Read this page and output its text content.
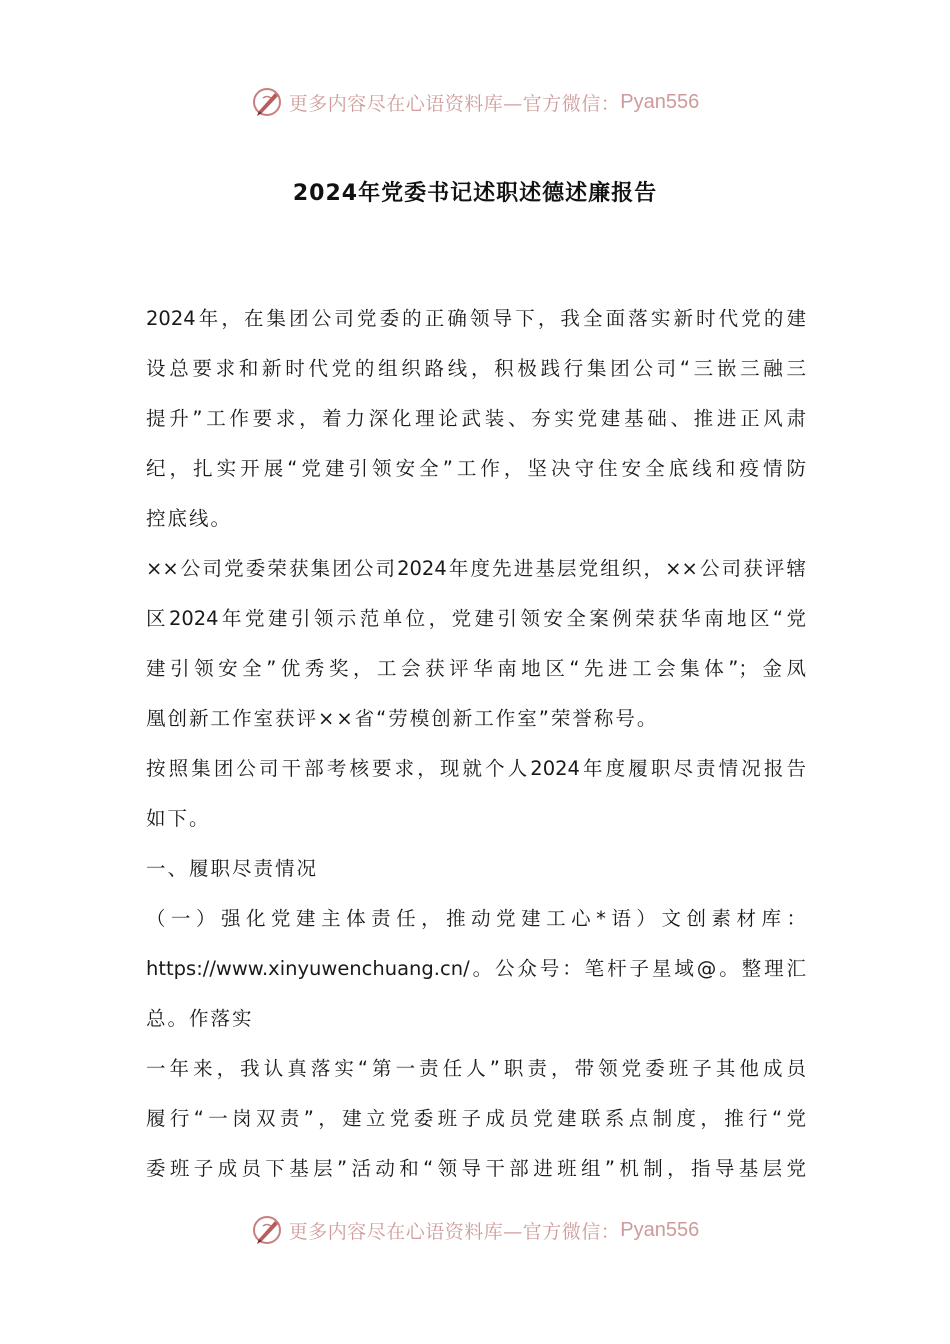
更多内容尽在心语资料库—官方微信： Pyan556
2024年党委书记述职述德述廉报告
2024年，在集团公司党委的正确领导下，我全面落实新时代党的建
设总要求和新时代党的组织路线，积极践行集团公司“三嵌三融三
提升”工作要求，着力深化理论武装、夯实党建基础、推进正风肃
纪，扎实开展“党建引领安全”工作，坚决守住安全底线和疫情防
控底线。
××公司党委荣获集团公司2024年度先进基层党组织，××公司获评辖
区2024年党建引领示范单位，党建引领安全案例荣获华南地区“党
建引领安全”优秀奖，工会获评华南地区“先进工会集体”；金凤
凰创新工作室获评××省“劳模创新工作室”荣誉称号。
按照集团公司干部考核要求，现就个人2024年度履职尽责情况报告
如下。
一、履职尽责情况
（一）强化党建主体责任，推动党建工心*语）文创素材库：
https://www.xinyuwenchuang.cn/。公众号：笔杆子星域@。整理汇
总。作落实
一年来，我认真落实“第一责任人”职责，带领党委班子其他成员
履行“一岗双责”，建立党委班子成员党建联系点制度，推行“党
委班子成员下基层”活动和“领导干部进班组”机制，指导基层党
更多内容尽在心语资料库—官方微信： Pyan556
